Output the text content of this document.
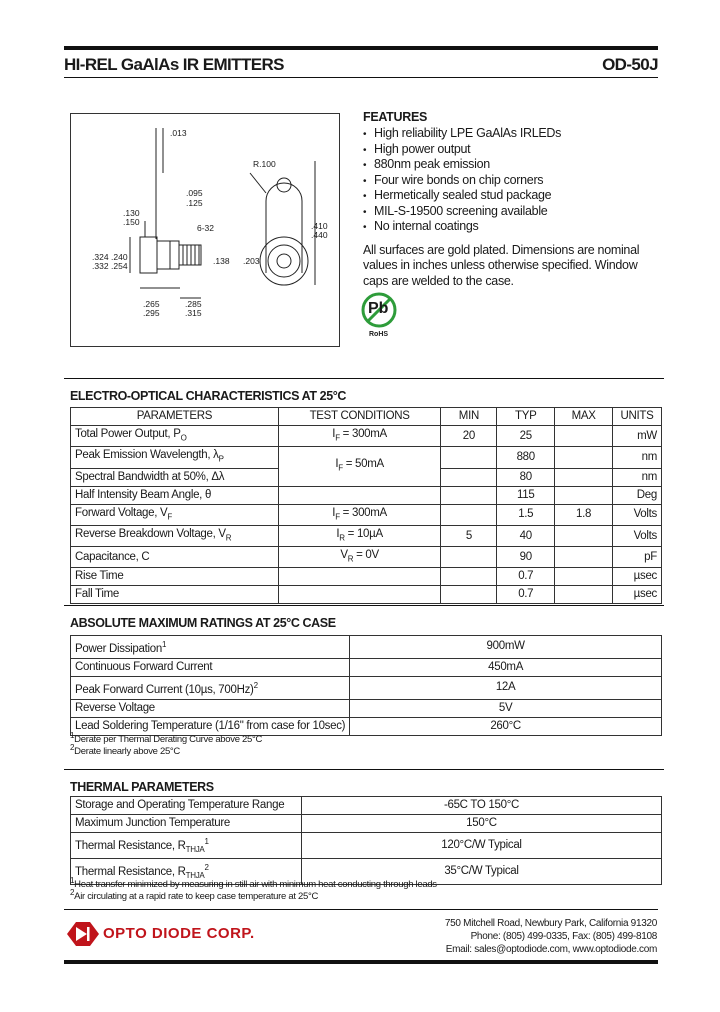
HI-REL GaAlAs IR EMITTERS	OD-50J
.013
R.100
.095
.125
.130
.150
6-32	.410
.440
.324
.332
.240
.254	.138 .203
.265
.295
.285
.315
FEATURES
• High reliability LPE GaAlAs IRLEDs
• High power output
• 880nm peak emission
• Four wire bonds on chip corners
• Hermetically sealed stud package
• MIL-S-19500 screening available
• No internal coatings
All surfaces are gold plated. Dimensions are nominal values in inches unless otherwise specified. Window caps are welded to the case.
Pb
RoHS
ELECTRO-OPTICAL CHARACTERISTICS AT 25°C
PARAMETERS	TEST CONDITIONS	MIN	TYP	MAX	UNITS
Total Power Output, $P_O$	$I_F = 300mA$	20	25		mW
Peak Emission Wavelength, $\lambda_P$	$I_F = 50mA$		880		nm
Spectral Bandwidth at 50%, Δλ			80		nm
Half Intensity Beam Angle, θ			115		Deg
Forward Voltage, $V_F$	$I_F = 300mA$		1.5	1.8	Volts
Reverse Breakdown Voltage, $V_R$	$I_R = 10\mu A$	5	40		Volts
Capacitance, C	$V_R = 0V$		90		pF
Rise Time			0.7		µsec
Fall Time			0.7		µsec
ABSOLUTE MAXIMUM RATINGS AT 25°C CASE
Power Dissipation$^1$	900mW
Continuous Forward Current	450mA
Peak Forward Current (10µs, 700Hz)$^2$	12A
Reverse Voltage	5V
Lead Soldering Temperature (1/16" from case for 10sec)	260°C
$^1$Derate per Thermal Derating Curve above 25°C
$^2$Derate linearly above 25°C
THERMAL PARAMETERS
Storage and Operating Temperature Range	-65C TO 150°C
Maximum Junction Temperature	150°C
Thermal Resistance, $R_{THJA}^1$	120°C/W Typical
Thermal Resistance, $R_{THJA}^2$	35°C/W Typical
$^1$Heat transfer minimized by measuring in still air with minimum heat conducting through leads
$^2$Air circulating at a rapid rate to keep case temperature at 25°C
OPTO DIODE CORP.
750 Mitchell Road, Newbury Park, California 91320
Phone: (805) 499-0335, Fax: (805) 499-8108
Email: sales@optodiode.com, www.optodiode.com
